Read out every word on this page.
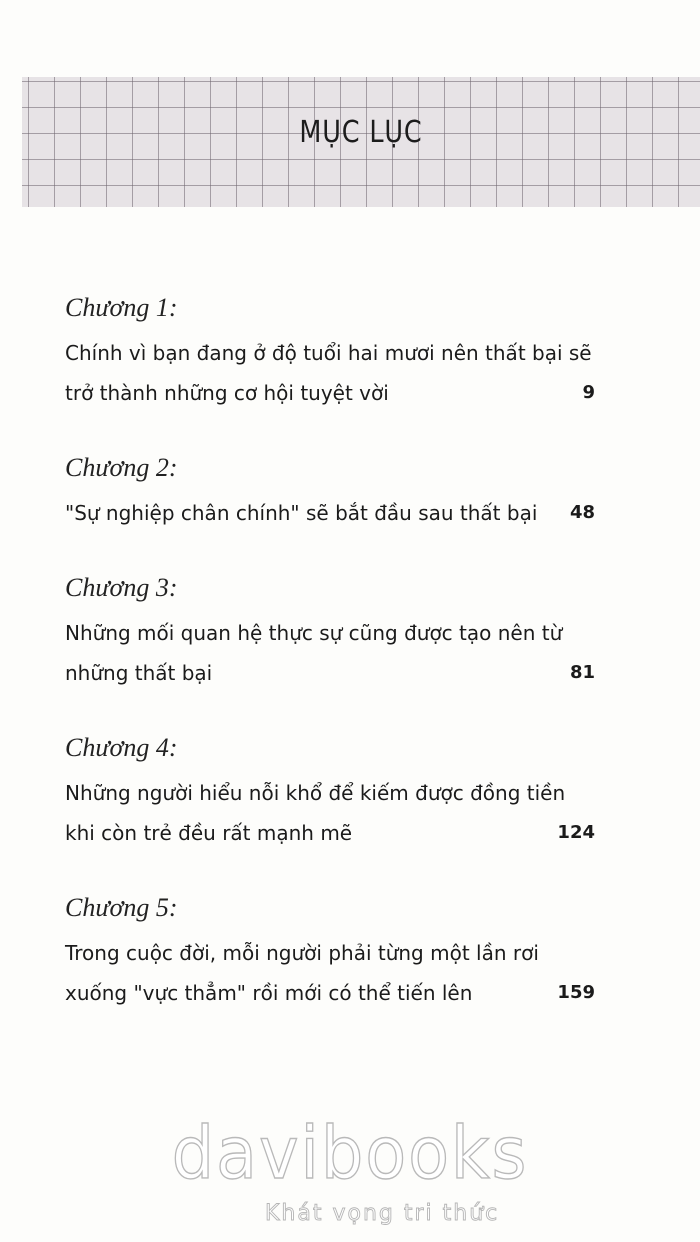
MỤC LỤC
Chương 1:
Chính vì bạn đang ở độ tuổi hai mươi nên thất bại sẽ
trở thành những cơ hội tuyệt vời	9
Chương 2:
"Sự nghiệp chân chính" sẽ bắt đầu sau thất bại 48
Chương 3:
Những mối quan hệ thực sự cũng được tạo nên từ
những thất bại	81
Chương 4:
Những người hiểu nỗi khổ để kiếm được đồng tiền
khi còn trẻ đều rất mạnh mẽ	124
Chương 5:
Trong cuộc đời, mỗi người phải từng một lần rơi
xuống "vực thẳm" rồi mới có thể tiến lên	159
davibooks
Khát vọng tri thức
